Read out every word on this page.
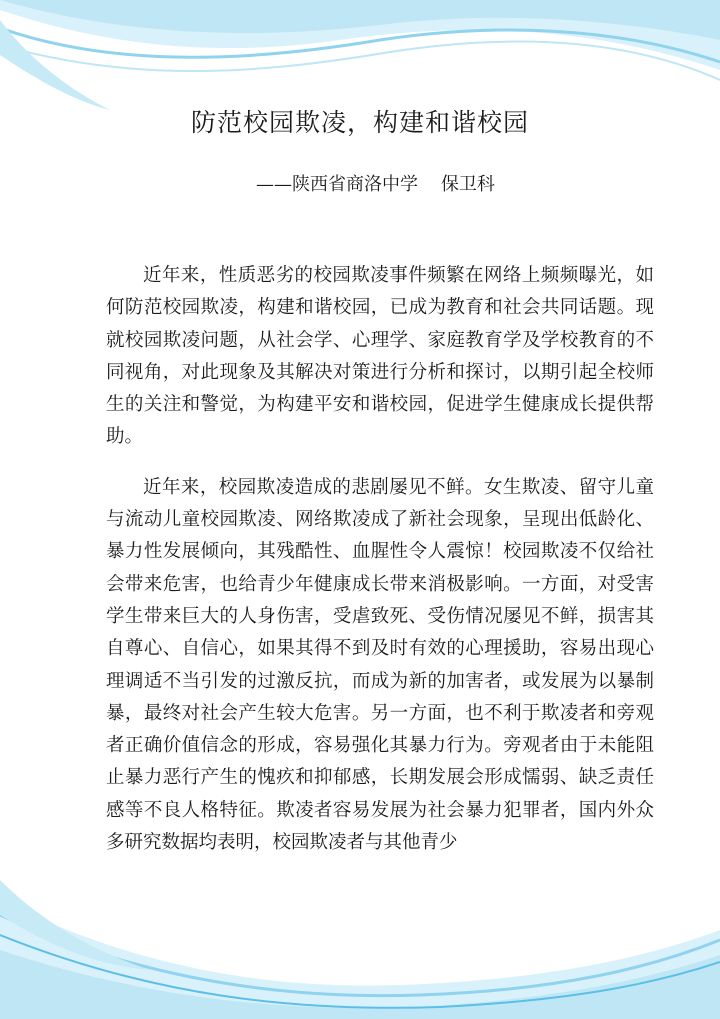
防范校园欺凌，构建和谐校园
——陕西省商洛中学    保卫科

近年来，性质恶劣的校园欺凌事件频繁在网络上频频曝光，如何防范校园欺凌，构建和谐校园，已成为教育和社会共同话题。现就校园欺凌问题，从社会学、心理学、家庭教育学及学校教育的不同视角，对此现象及其解决对策进行分析和探讨，以期引起全校师生的关注和警觉，为构建平安和谐校园，促进学生健康成长提供帮助。

近年来，校园欺凌造成的悲剧屡见不鲜。女生欺凌、留守儿童与流动儿童校园欺凌、网络欺凌成了新社会现象，呈现出低龄化、暴力性发展倾向，其残酷性、血腥性令人震惊！校园欺凌不仅给社会带来危害，也给青少年健康成长带来消极影响。一方面，对受害学生带来巨大的人身伤害，受虐致死、受伤情况屡见不鲜，损害其自尊心、自信心，如果其得不到及时有效的心理援助，容易出现心理调适不当引发的过激反抗，而成为新的加害者，或发展为以暴制暴，最终对社会产生较大危害。另一方面，也不利于欺凌者和旁观者正确价值信念的形成，容易强化其暴力行为。旁观者由于未能阻止暴力恶行产生的愧疚和抑郁感，长期发展会形成懦弱、缺乏责任感等不良人格特征。欺凌者容易发展为社会暴力犯罪者，国内外众多研究数据均表明，校园欺凌者与其他青少
